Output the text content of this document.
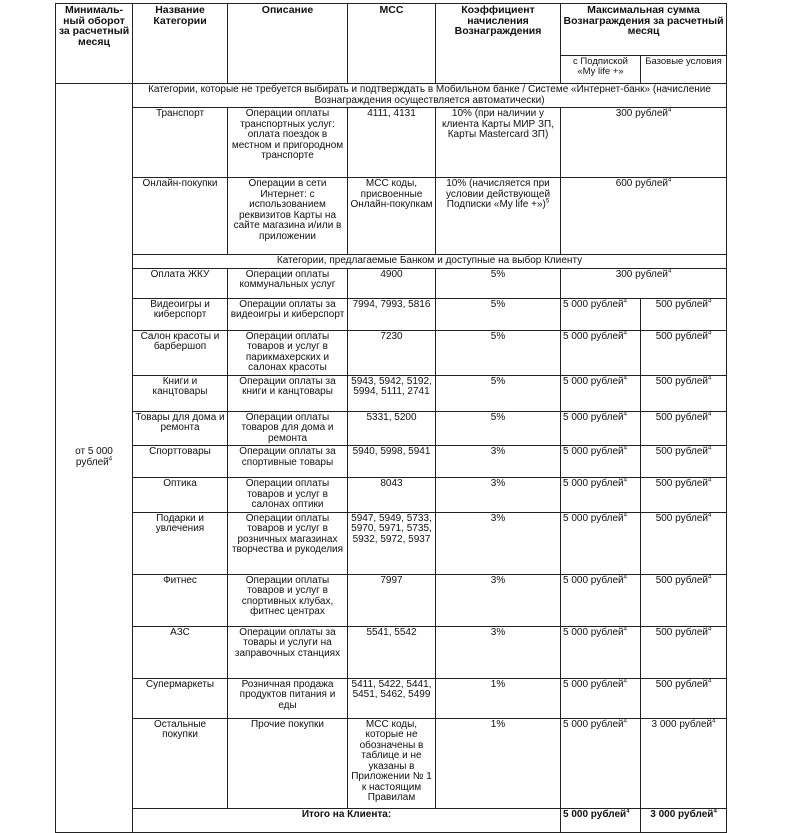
Минималь-ный оборот за расчетный месяц	Название Категории	Описание	МСС	Коэффициент начисления Вознаграждения	Максимальная сумма Вознаграждения за расчетный месяц	
					с Подпиской «My life +»	Базовые условия
от 5 000 рублей$^4$	Категории, которые не требуется выбирать и подтверждать в Мобильном банке / Системе «Интернет-банк» (начисление Вознаграждения осуществляется автоматически)					
	Транспорт	Операции оплаты транспортных услуг: оплата поездок в местном и пригородном транспорте	4111, 4131	10% (при наличии у клиента Карты МИР ЗП, Карты Mastercard ЗП)	300 рублей$^4$
	Онлайн-покупки	Операции в сети Интернет: с использованием реквизитов Карты на сайте магазина и/или в приложении	МСС коды, присвоенные Онлайн-покупкам	10% (начисляется при условии действующей Подписки «My life +»)$^5$	600 рублей$^4$
	Категории, предлагаемые Банком и доступные на выбор Клиенту					
	Оплата ЖКУ	Операции оплаты коммунальных услуг	4900	5%	300 рублей$^4$
	Видеоигры и киберспорт	Операции оплаты за видеоигры и киберспорт	7994, 7993, 5816	5%	5 000 рублей$^4$	500 рублей$^4$
	Салон красоты и барбершоп	Операции оплаты товаров и услуг в парикмахерских и салонах красоты	7230	5%	5 000 рублей$^4$	500 рублей$^4$
	Книги и канцтовары	Операции оплаты за книги и канцтовары	5943, 5942, 5192, 5994, 5111, 2741	5%	5 000 рублей$^4$	500 рублей$^4$
	Товары для дома и ремонта	Операции оплаты товаров для дома и ремонта	5331, 5200	5%	5 000 рублей$^4$	500 рублей$^4$
	Спорттовары	Операции оплаты за спортивные товары	5940, 5998, 5941	3%	5 000 рублей$^4$	500 рублей$^4$
	Оптика	Операции оплаты товаров и услуг в салонах оптики	8043	3%	5 000 рублей$^4$	500 рублей$^4$
	Подарки и увлечения	Операции оплаты товаров и услуг в розничных магазинах творчества и рукоделия	5947, 5949, 5733, 5970, 5971, 5735, 5932, 5972, 5937	3%	5 000 рублей$^4$	500 рублей$^4$
	Фитнес	Операции оплаты товаров и услуг в спортивных клубах, фитнес центрах	7997	3%	5 000 рублей$^4$	500 рублей$^4$
	АЗС	Операции оплаты за товары и услуги на заправочных станциях	5541, 5542	3%	5 000 рублей$^4$	500 рублей$^4$
	Супермаркеты	Розничная продажа продуктов питания и еды	5411, 5422, 5441, 5451, 5462, 5499	1%	5 000 рублей$^4$	500 рублей$^4$
	Остальные покупки	Прочие покупки	МСС коды, которые не обозначены в таблице и не указаны в Приложении № 1 к настоящим Правилам	1%	5 000 рублей$^4$	3 000 рублей$^4$
	Итого на Клиента:				5 000 рублей$^4$	3 000 рублей$^4$
